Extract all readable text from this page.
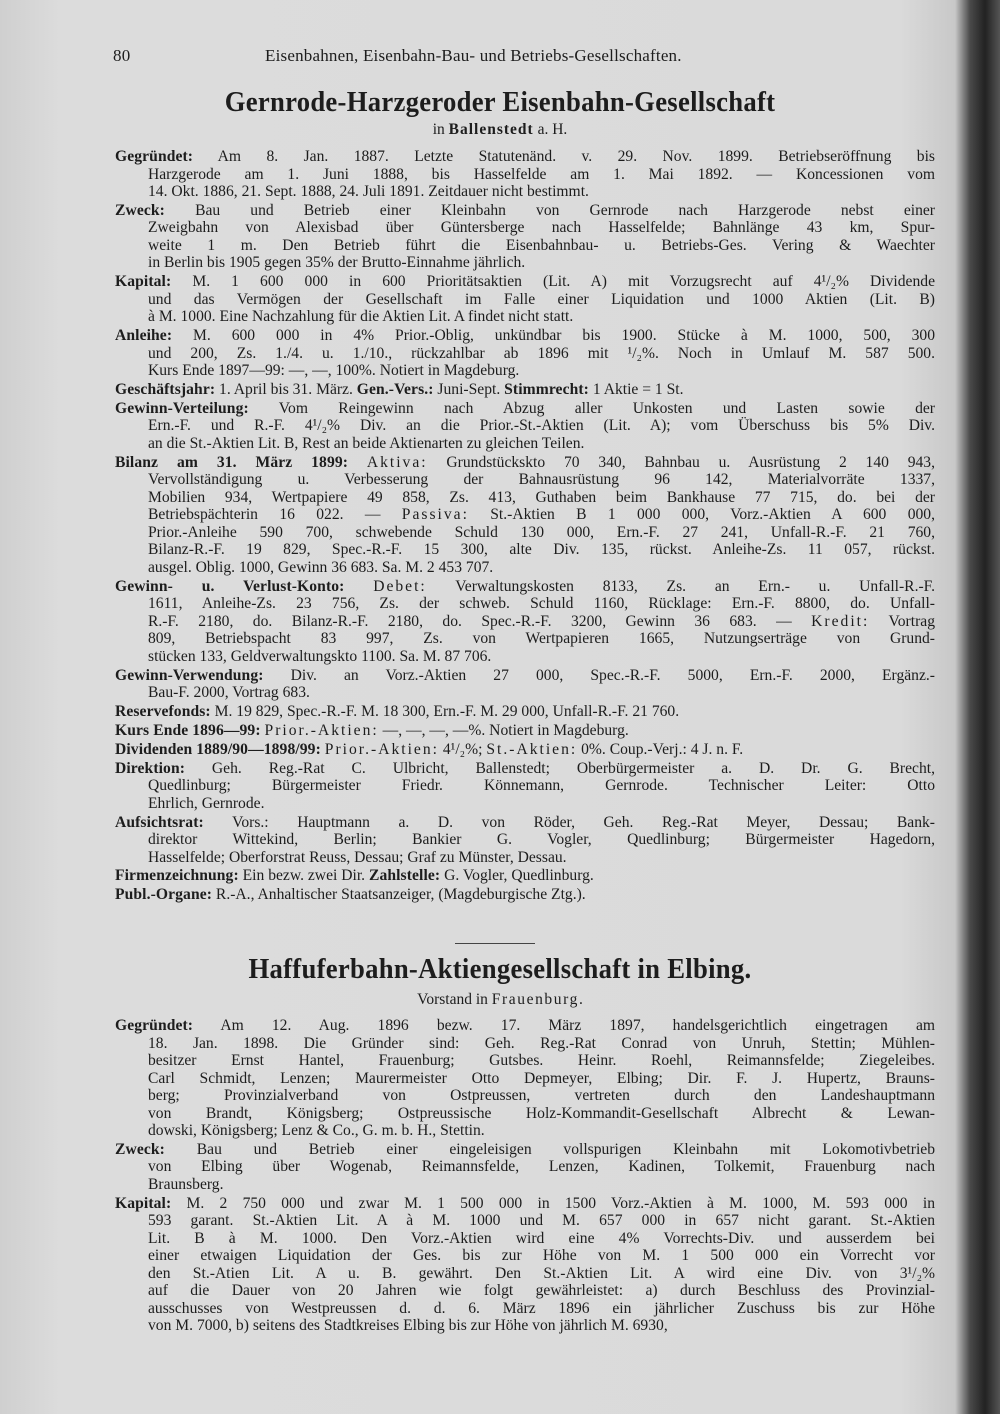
80	Eisenbahnen, Eisenbahn-Bau- und Betriebs-Gesellschaften.
Gernrode-Harzgeroder Eisenbahn-Gesellschaft
in Ballenstedt a. H.
Gegründet: Am 8. Jan. 1887. Letzte Statutenänd. v. 29. Nov. 1899. Betriebseröffnung bis
Harzgerode am 1. Juni 1888, bis Hasselfelde am 1. Mai 1892. — Koncessionen vom
14. Okt. 1886, 21. Sept. 1888, 24. Juli 1891. Zeitdauer nicht bestimmt.
Zweck: Bau und Betrieb einer Kleinbahn von Gernrode nach Harzgerode nebst einer
Zweigbahn von Alexisbad über Güntersberge nach Hasselfelde; Bahnlänge 43 km, Spur-
weite 1 m. Den Betrieb führt die Eisenbahnbau- u. Betriebs-Ges. Vering & Waechter
in Berlin bis 1905 gegen 35% der Brutto-Einnahme jährlich.
Kapital: M. 1 600 000 in 600 Prioritätsaktien (Lit. A) mit Vorzugsrecht auf 4¹/₂% Dividende
und das Vermögen der Gesellschaft im Falle einer Liquidation und 1000 Aktien (Lit. B)
à M. 1000. Eine Nachzahlung für die Aktien Lit. A findet nicht statt.
Anleihe: M. 600 000 in 4% Prior.-Oblig, unkündbar bis 1900. Stücke à M. 1000, 500, 300
und 200, Zs. 1./4. u. 1./10., rückzahlbar ab 1896 mit ¹/₂%. Noch in Umlauf M. 587 500.
Kurs Ende 1897—99: —, —, 100%. Notiert in Magdeburg.
Geschäftsjahr: 1. April bis 31. März. Gen.-Vers.: Juni-Sept. Stimmrecht: 1 Aktie = 1 St.
Gewinn-Verteilung: Vom Reingewinn nach Abzug aller Unkosten und Lasten sowie der
Ern.-F. und R.-F. 4¹/₂% Div. an die Prior.-St.-Aktien (Lit. A); vom Überschuss bis 5% Div.
an die St.-Aktien Lit. B, Rest an beide Aktienarten zu gleichen Teilen.
Bilanz am 31. März 1899: Aktiva: Grundstückskto 70 340, Bahnbau u. Ausrüstung 2 140 943,
Vervollständigung u. Verbesserung der Bahnausrüstung 96 142, Materialvorräte 1337,
Mobilien 934, Wertpapiere 49 858, Zs. 413, Guthaben beim Bankhause 77 715, do. bei der
Betriebspächterin 16 022. — Passiva: St.-Aktien B 1 000 000, Vorz.-Aktien A 600 000,
Prior.-Anleihe 590 700, schwebende Schuld 130 000, Ern.-F. 27 241, Unfall-R.-F. 21 760,
Bilanz-R.-F. 19 829, Spec.-R.-F. 15 300, alte Div. 135, rückst. Anleihe-Zs. 11 057, rückst.
ausgel. Oblig. 1000, Gewinn 36 683. Sa. M. 2 453 707.
Gewinn- u. Verlust-Konto: Debet: Verwaltungskosten 8133, Zs. an Ern.- u. Unfall-R.-F.
1611, Anleihe-Zs. 23 756, Zs. der schweb. Schuld 1160, Rücklage: Ern.-F. 8800, do. Unfall-
R.-F. 2180, do. Bilanz-R.-F. 2180, do. Spec.-R.-F. 3200, Gewinn 36 683. — Kredit: Vortrag
809, Betriebspacht 83 997, Zs. von Wertpapieren 1665, Nutzungserträge von Grund-
stücken 133, Geldverwaltungskto 1100. Sa. M. 87 706.
Gewinn-Verwendung: Div. an Vorz.-Aktien 27 000, Spec.-R.-F. 5000, Ern.-F. 2000, Ergänz.-
Bau-F. 2000, Vortrag 683.
Reservefonds: M. 19 829, Spec.-R.-F. M. 18 300, Ern.-F. M. 29 000, Unfall-R.-F. 21 760.
Kurs Ende 1896—99: Prior.-Aktien: —, —, —, —%. Notiert in Magdeburg.
Dividenden 1889/90—1898/99: Prior.-Aktien: 4¹/₂%; St.-Aktien: 0%. Coup.-Verj.: 4 J. n. F.
Direktion: Geh. Reg.-Rat C. Ulbricht, Ballenstedt; Oberbürgermeister a. D. Dr. G. Brecht,
Quedlinburg; Bürgermeister Friedr. Könnemann, Gernrode. Technischer Leiter: Otto
Ehrlich, Gernrode.
Aufsichtsrat: Vors.: Hauptmann a. D. von Röder, Geh. Reg.-Rat Meyer, Dessau; Bank-
direktor Wittekind, Berlin; Bankier G. Vogler, Quedlinburg; Bürgermeister Hagedorn,
Hasselfelde; Oberforstrat Reuss, Dessau; Graf zu Münster, Dessau.
Firmenzeichnung: Ein bezw. zwei Dir. Zahlstelle: G. Vogler, Quedlinburg.
Publ.-Organe: R.-A., Anhaltischer Staatsanzeiger, (Magdeburgische Ztg.).
Haffuferbahn-Aktiengesellschaft in Elbing.
Vorstand in Frauenburg.
Gegründet: Am 12. Aug. 1896 bezw. 17. März 1897, handelsgerichtlich eingetragen am
18. Jan. 1898. Die Gründer sind: Geh. Reg.-Rat Conrad von Unruh, Stettin; Mühlen-
besitzer Ernst Hantel, Frauenburg; Gutsbes. Heinr. Roehl, Reimannsfelde; Ziegeleibes.
Carl Schmidt, Lenzen; Maurermeister Otto Depmeyer, Elbing; Dir. F. J. Hupertz, Brauns-
berg; Provinzialverband von Ostpreussen, vertreten durch den Landeshauptmann
von Brandt, Königsberg; Ostpreussische Holz-Kommandit-Gesellschaft Albrecht & Lewan-
dowski, Königsberg; Lenz & Co., G. m. b. H., Stettin.
Zweck: Bau und Betrieb einer eingeleisigen vollspurigen Kleinbahn mit Lokomotivbetrieb
von Elbing über Wogenab, Reimannsfelde, Lenzen, Kadinen, Tolkemit, Frauenburg nach
Braunsberg.
Kapital: M. 2 750 000 und zwar M. 1 500 000 in 1500 Vorz.-Aktien à M. 1000, M. 593 000 in
593 garant. St.-Aktien Lit. A à M. 1000 und M. 657 000 in 657 nicht garant. St.-Aktien
Lit. B à M. 1000. Den Vorz.-Aktien wird eine 4% Vorrechts-Div. und ausserdem bei
einer etwaigen Liquidation der Ges. bis zur Höhe von M. 1 500 000 ein Vorrecht vor
den St.-Atien Lit. A u. B. gewährt. Den St.-Aktien Lit. A wird eine Div. von 3¹/₂%
auf die Dauer von 20 Jahren wie folgt gewährleistet: a) durch Beschluss des Provinzial-
ausschusses von Westpreussen d. d. 6. März 1896 ein jährlicher Zuschuss bis zur Höhe
von M. 7000, b) seitens des Stadtkreises Elbing bis zur Höhe von jährlich M. 6930,
